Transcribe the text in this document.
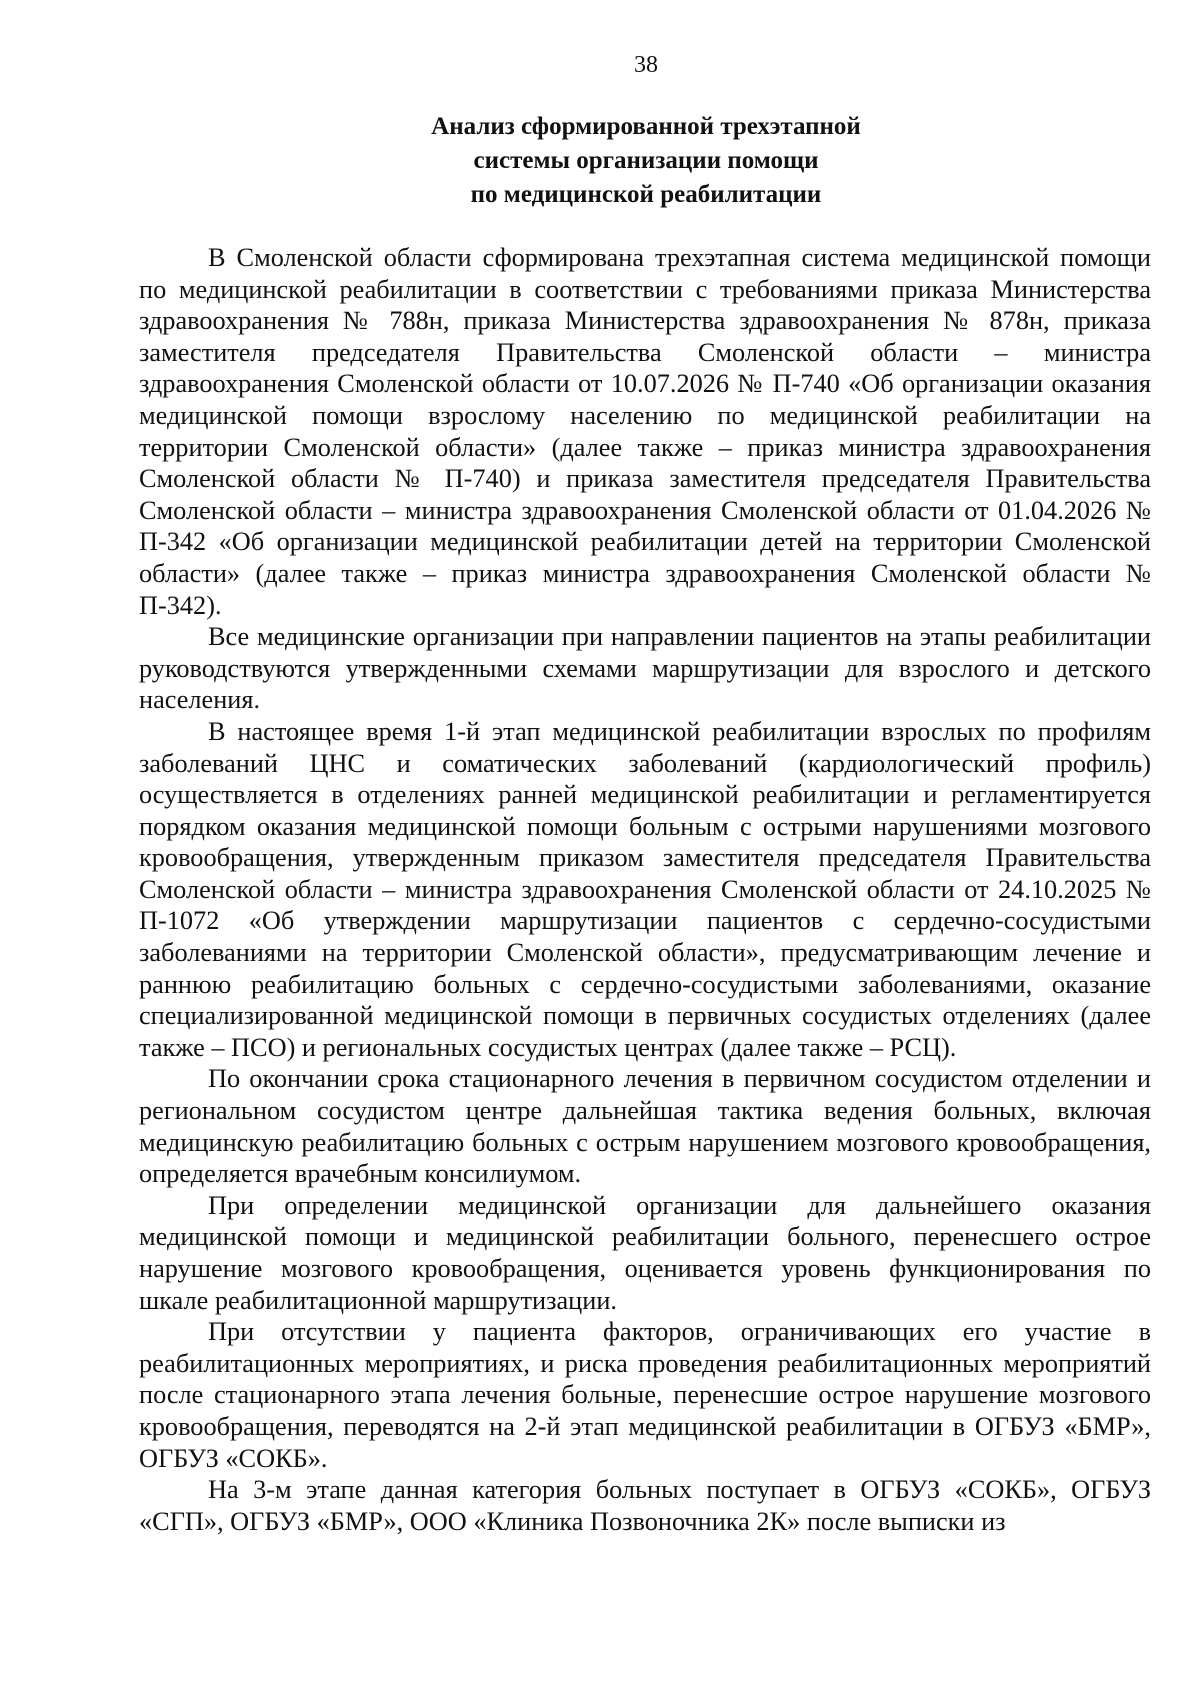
38
Анализ сформированной трехэтапной
системы организации помощи
по медицинской реабилитации

В Смоленской области сформирована трехэтапная система медицинской помощи по медицинской реабилитации в соответствии с требованиями приказа Министерства здравоохранения № 788н, приказа Министерства здравоохранения № 878н, приказа заместителя председателя Правительства Смоленской области – министра здравоохранения Смоленской области от 10.07.2026 № П-740 «Об организации оказания медицинской помощи взрослому населению по медицинской реабилитации на территории Смоленской области» (далее также – приказ министра здравоохранения Смоленской области № П-740) и приказа заместителя председателя Правительства Смоленской области – министра здравоохранения Смоленской области от 01.04.2026 № П-342 «Об организации медицинской реабилитации детей на территории Смоленской области» (далее также – приказ министра здравоохранения Смоленской области № П-342).

Все медицинские организации при направлении пациентов на этапы реабилитации руководствуются утвержденными схемами маршрутизации для взрослого и детского населения.

В настоящее время 1-й этап медицинской реабилитации взрослых по профилям заболеваний ЦНС и соматических заболеваний (кардиологический профиль) осуществляется в отделениях ранней медицинской реабилитации и регламентируется порядком оказания медицинской помощи больным с острыми нарушениями мозгового кровообращения, утвержденным приказом заместителя председателя Правительства Смоленской области – министра здравоохранения Смоленской области от 24.10.2025 № П-1072 «Об утверждении маршрутизации пациентов с сердечно-сосудистыми заболеваниями на территории Смоленской области», предусматривающим лечение и раннюю реабилитацию больных с сердечно-сосудистыми заболеваниями, оказание специализированной медицинской помощи в первичных сосудистых отделениях (далее также – ПСО) и региональных сосудистых центрах (далее также – РСЦ).

По окончании срока стационарного лечения в первичном сосудистом отделении и региональном сосудистом центре дальнейшая тактика ведения больных, включая медицинскую реабилитацию больных с острым нарушением мозгового кровообращения, определяется врачебным консилиумом.

При определении медицинской организации для дальнейшего оказания медицинской помощи и медицинской реабилитации больного, перенесшего острое нарушение мозгового кровообращения, оценивается уровень функционирования по шкале реабилитационной маршрутизации.

При отсутствии у пациента факторов, ограничивающих его участие в реабилитационных мероприятиях, и риска проведения реабилитационных мероприятий после стационарного этапа лечения больные, перенесшие острое нарушение мозгового кровообращения, переводятся на 2-й этап медицинской реабилитации в ОГБУЗ «БМР», ОГБУЗ «СОКБ».

На 3-м этапе данная категория больных поступает в ОГБУЗ «СОКБ», ОГБУЗ «СГП», ОГБУЗ «БМР», ООО «Клиника Позвоночника 2К» после выписки из
